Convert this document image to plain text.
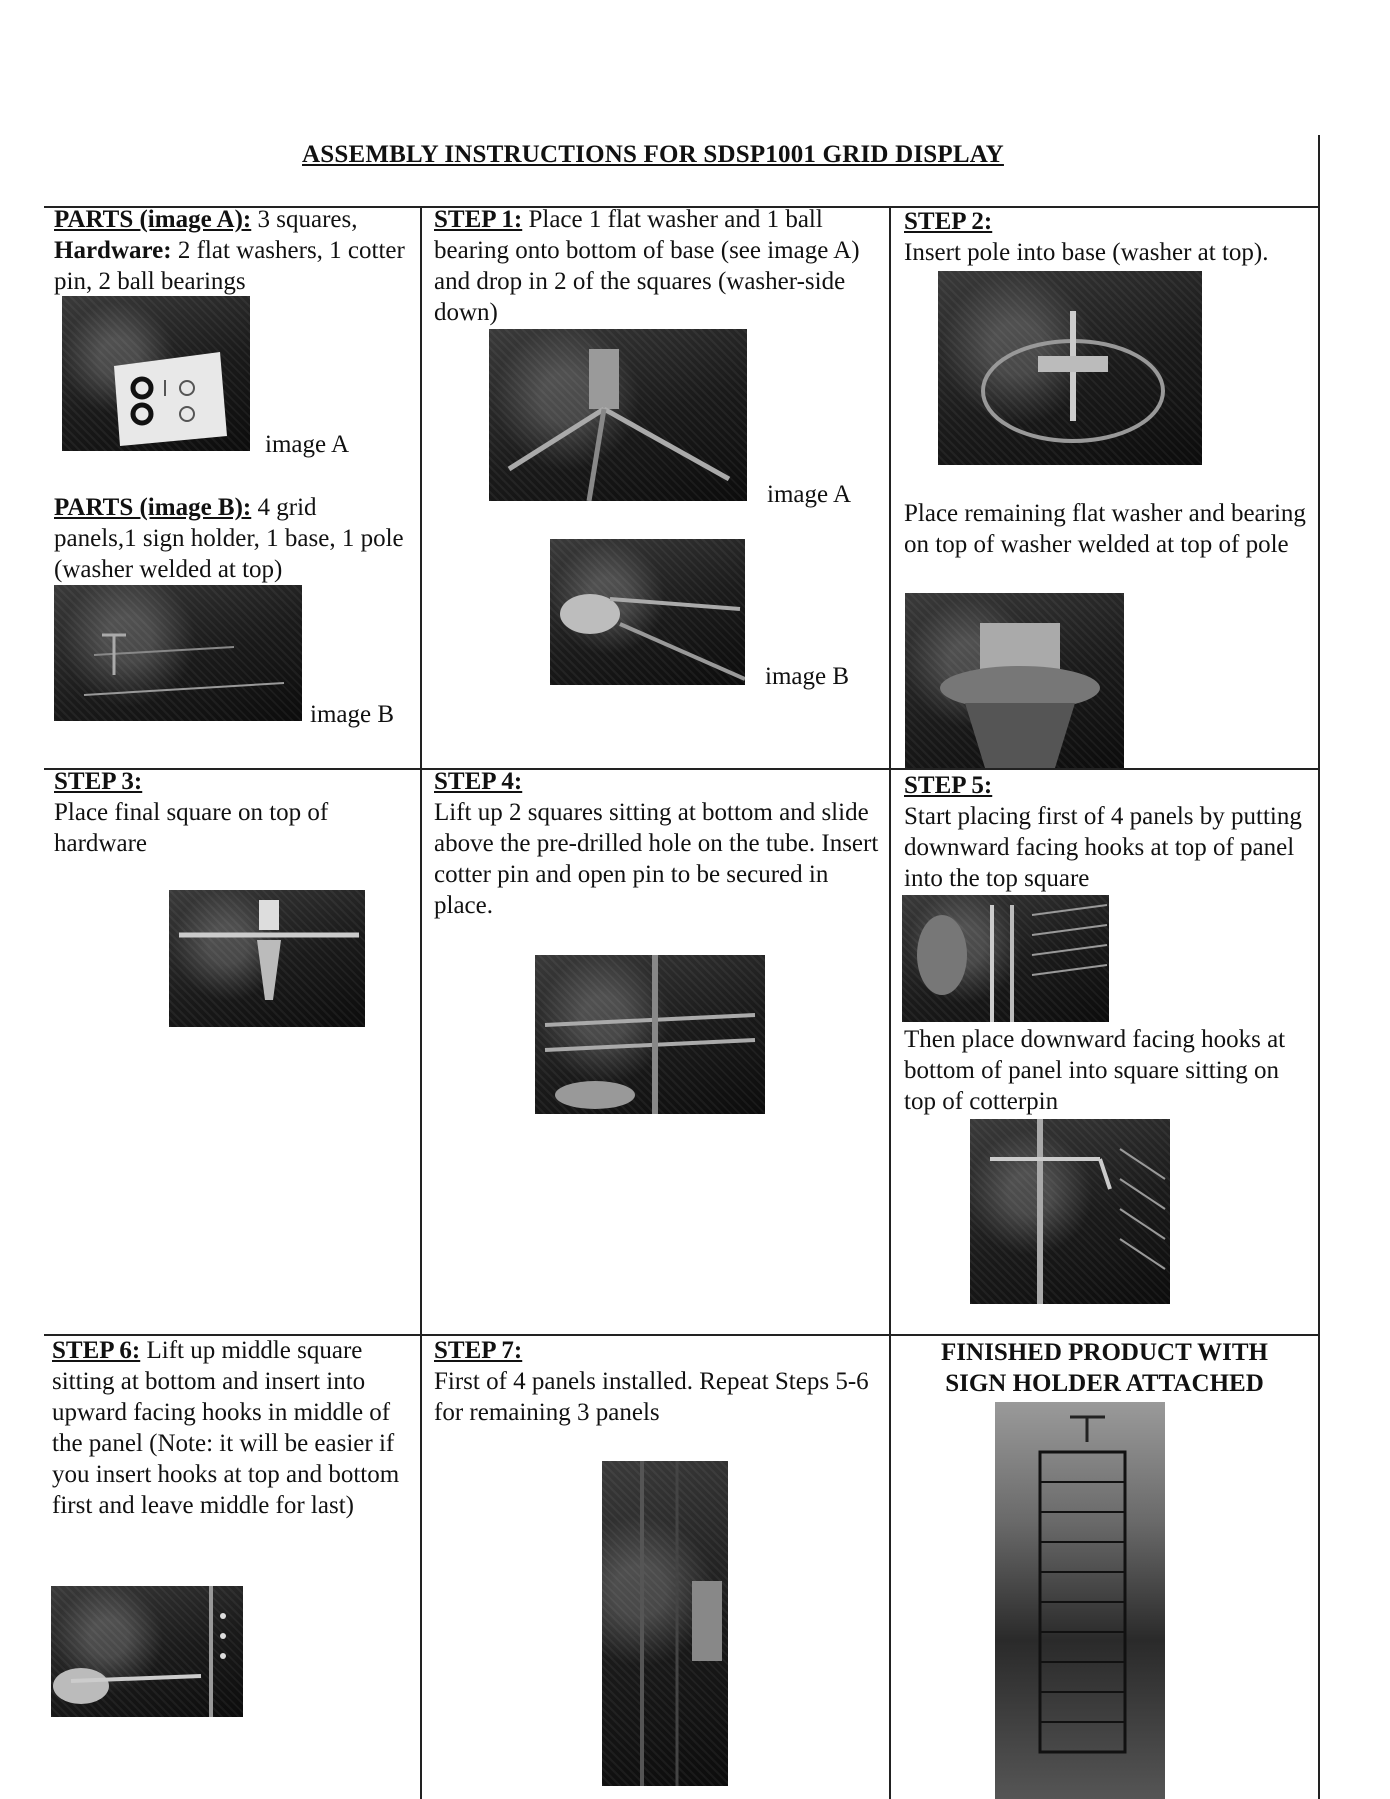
ASSEMBLY INSTRUCTIONS FOR SDSP1001 GRID DISPLAY
PARTS (image A): 3 squares, Hardware: 2 flat washers, 1 cotter pin, 2 ball bearings
image A
PARTS (image B): 4 grid panels,1 sign holder, 1 base, 1 pole (washer welded at top)
image B
STEP 1: Place 1 flat washer and 1 ball bearing onto bottom of base (see image A) and drop in 2 of the squares (washer-side down)
image A
image B
STEP 2:
Insert pole into base (washer at top).
Place remaining flat washer and bearing on top of washer welded at top of pole
STEP 3:
Place final square on top of hardware
STEP 4:
Lift up 2 squares sitting at bottom and slide above the pre-drilled hole on the tube. Insert cotter pin and open pin to be secured in place.
STEP 5:
Start placing first of 4 panels by putting downward facing hooks at top of panel into the top square
Then place downward facing hooks at bottom of panel into square sitting on top of cotterpin
STEP 6: Lift up middle square sitting at bottom and insert into upward facing hooks in middle of the panel (Note: it will be easier if you insert hooks at top and bottom first and leave middle for last)
STEP 7:
First of 4 panels installed. Repeat Steps 5-6 for remaining 3 panels
FINISHED PRODUCT WITH
SIGN HOLDER ATTACHED
